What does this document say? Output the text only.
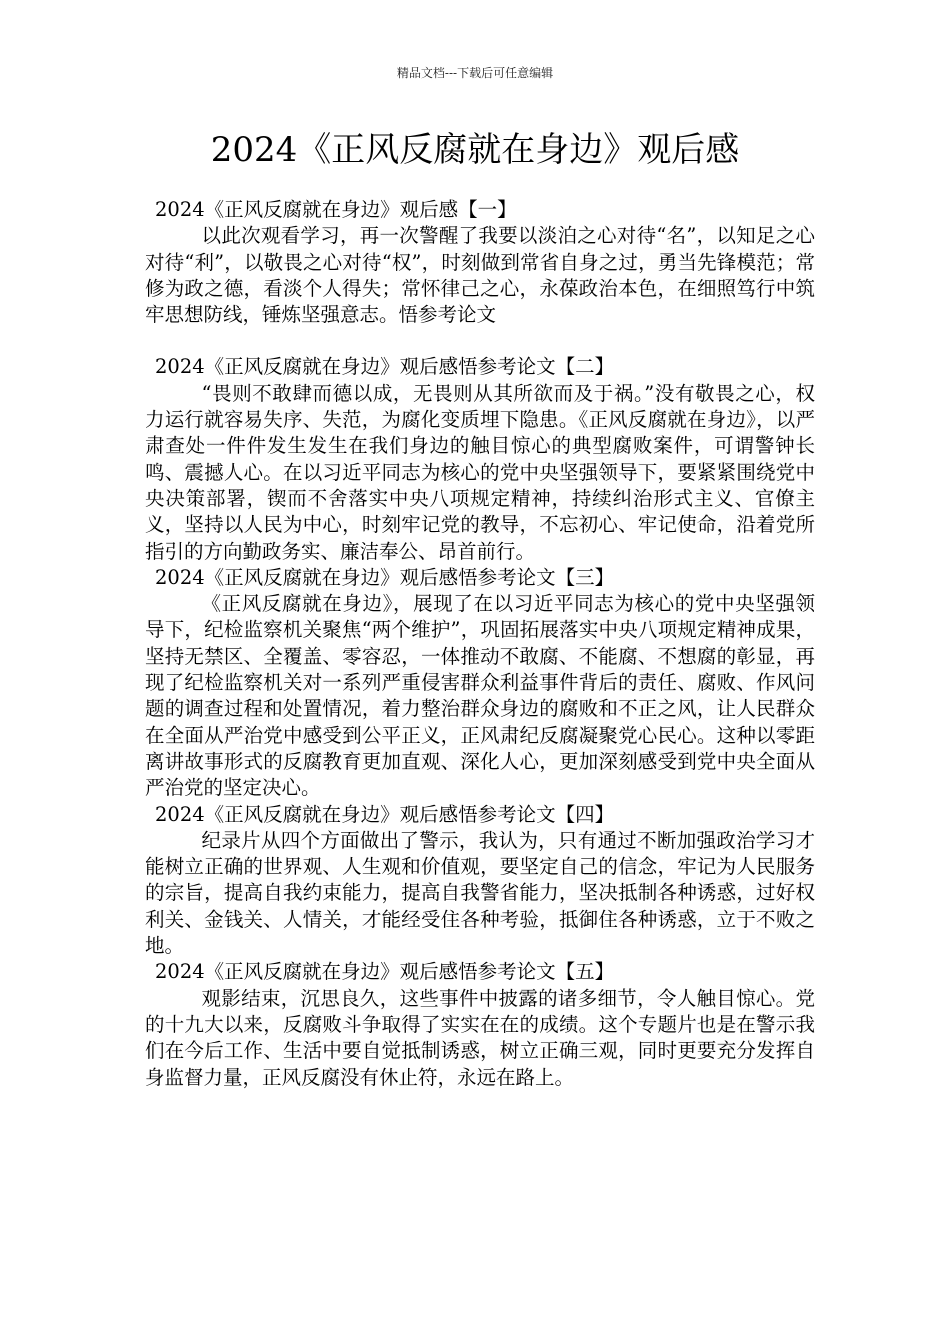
精品文档---下载后可任意编辑
2024《正风反腐就在身边》观后感

2024《正风反腐就在身边》观后感【一】

以此次观看学习，再一次警醒了我要以淡泊之心对待“名”，以知足之心对待“利”，以敬畏之心对待“权”，时刻做到常省自身之过，勇当先锋模范；常修为政之德，看淡个人得失；常怀律己之心，永葆政治本色，在细照笃行中筑牢思想防线，锤炼坚强意志。悟参考论文

2024《正风反腐就在身边》观后感悟参考论文【二】

“畏则不敢肆而德以成，无畏则从其所欲而及于祸。”没有敬畏之心，权力运行就容易失序、失范，为腐化变质埋下隐患。《正风反腐就在身边》，以严肃查处一件件发生发生在我们身边的触目惊心的典型腐败案件，可谓警钟长鸣、震撼人心。在以习近平同志为核心的党中央坚强领导下，要紧紧围绕党中央决策部署，锲而不舍落实中央八项规定精神，持续纠治形式主义、官僚主义，坚持以人民为中心，时刻牢记党的教导，不忘初心、牢记使命，沿着党所指引的方向勤政务实、廉洁奉公、昂首前行。

2024《正风反腐就在身边》观后感悟参考论文【三】

《正风反腐就在身边》，展现了在以习近平同志为核心的党中央坚强领导下，纪检监察机关聚焦“两个维护”，巩固拓展落实中央八项规定精神成果，坚持无禁区、全覆盖、零容忍，一体推动不敢腐、不能腐、不想腐的彰显，再现了纪检监察机关对一系列严重侵害群众利益事件背后的责任、腐败、作风问题的调查过程和处置情况，着力整治群众身边的腐败和不正之风，让人民群众在全面从严治党中感受到公平正义，正风肃纪反腐凝聚党心民心。这种以零距离讲故事形式的反腐教育更加直观、深化人心，更加深刻感受到党中央全面从严治党的坚定决心。

2024《正风反腐就在身边》观后感悟参考论文【四】

纪录片从四个方面做出了警示，我认为，只有通过不断加强政治学习才能树立正确的世界观、人生观和价值观，要坚定自己的信念，牢记为人民服务的宗旨，提高自我约束能力，提高自我警省能力，坚决抵制各种诱惑，过好权利关、金钱关、人情关，才能经受住各种考验，抵御住各种诱惑，立于不败之地。

2024《正风反腐就在身边》观后感悟参考论文【五】

观影结束，沉思良久，这些事件中披露的诸多细节，令人触目惊心。党的十九大以来，反腐败斗争取得了实实在在的成绩。这个专题片也是在警示我们在今后工作、生活中要自觉抵制诱惑，树立正确三观，同时更要充分发挥自身监督力量，正风反腐没有休止符，永远在路上。
